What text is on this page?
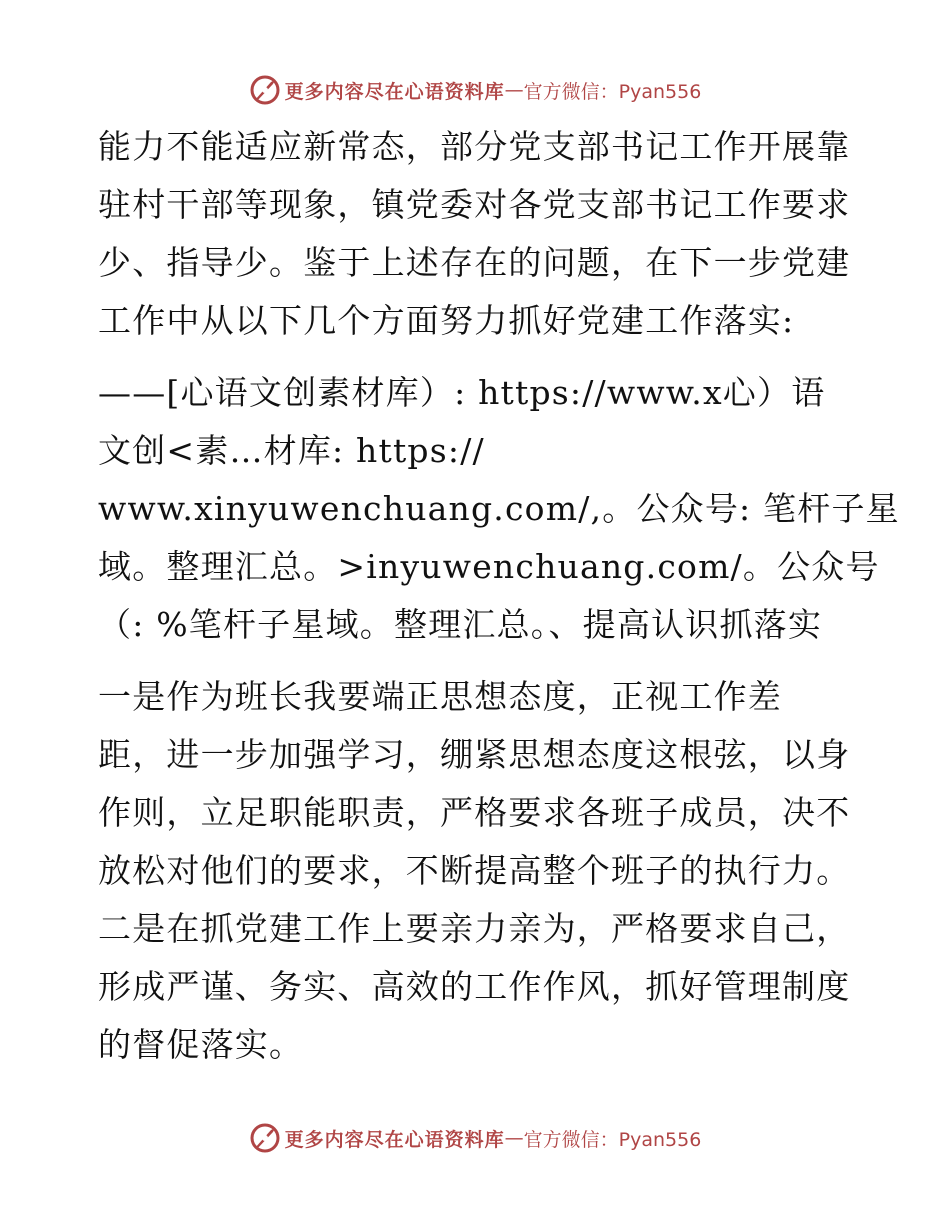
更多内容尽在心语资料库 — 官方微信：Pyan556
能力不能适应新常态，部分党支部书记工作开展靠
驻村干部等现象，镇党委对各党支部书记工作要求
少、指导少。鉴于上述存在的问题，在下一步党建
工作中从以下几个方面努力抓好党建工作落实:
——[心语文创素材库）: https://www.x心）语
文创<素…材库: https://
www.xinyuwenchuang.com/,。公众号: 笔杆子星
域。整理汇总。>inyuwenchuang.com/。公众号
（: %笔杆子星域。整理汇总。、提高认识抓落实
一是作为班长我要端正思想态度，正视工作差
距，进一步加强学习，绷紧思想态度这根弦，以身
作则，立足职能职责，严格要求各班子成员，决不
放松对他们的要求，不断提高整个班子的执行力。
二是在抓党建工作上要亲力亲为，严格要求自己，
形成严谨、务实、高效的工作作风，抓好管理制度
的督促落实。
更多内容尽在心语资料库 — 官方微信：Pyan556
